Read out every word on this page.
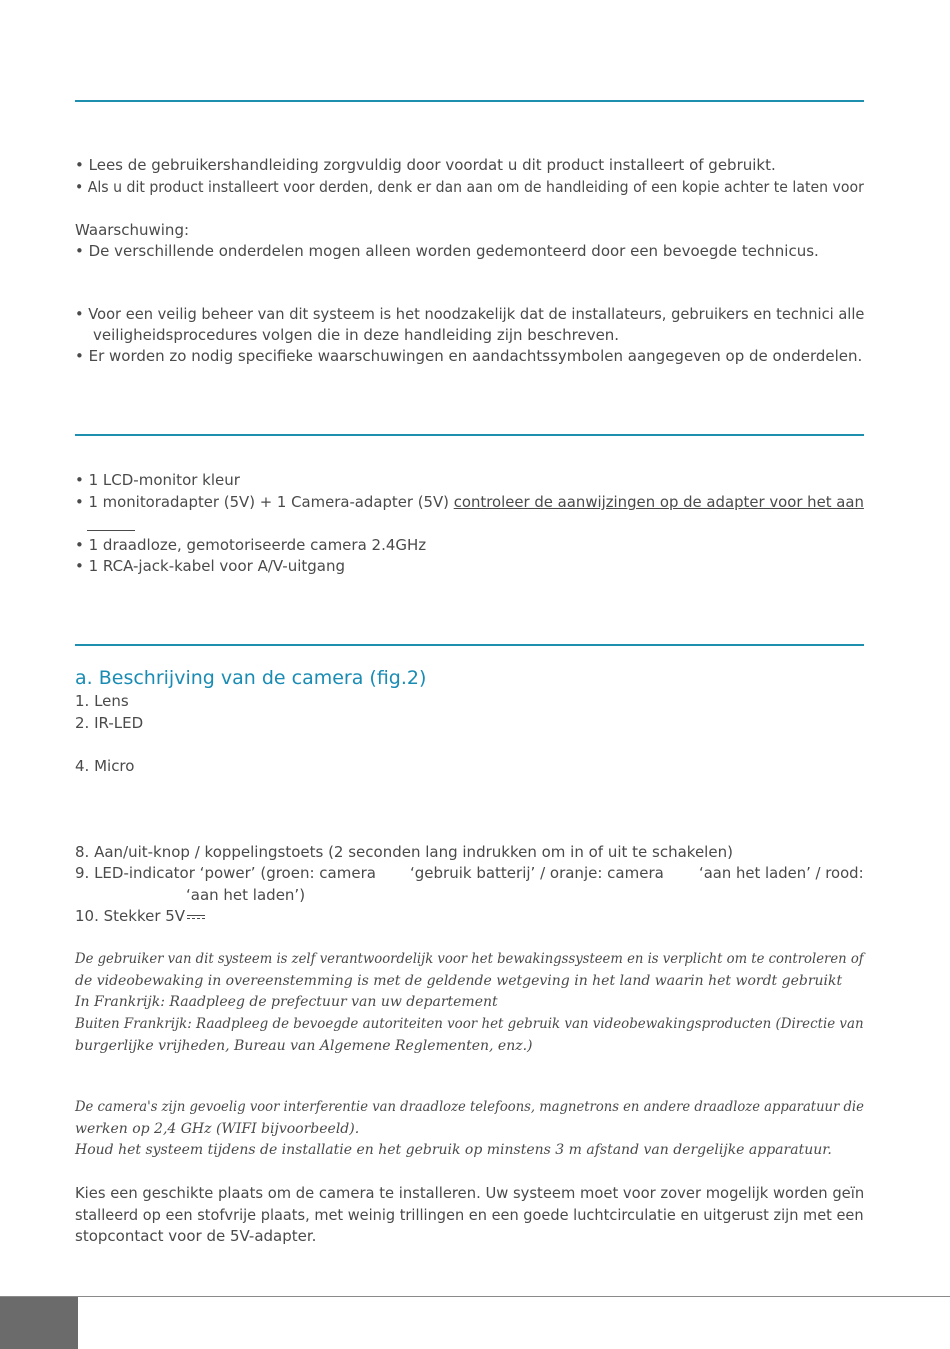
• Lees de gebruikershandleiding zorgvuldig door voordat u dit product installeert of gebruikt.
• Als u dit product installeert voor derden, denk er dan aan om de handleiding of een kopie achter te laten voor
Waarschuwing:
• De verschillende onderdelen mogen alleen worden gedemonteerd door een bevoegde technicus.
• Voor een veilig beheer van dit systeem is het noodzakelijk dat de installateurs, gebruikers en technici alle
veiligheidsprocedures volgen die in deze handleiding zijn beschreven.
• Er worden zo nodig specifieke waarschuwingen en aandachtssymbolen aangegeven op de onderdelen.
• 1 LCD-monitor kleur
• 1 monitoradapter (5V) + 1 Camera-adapter (5V) controleer de aanwijzingen op de adapter voor het aan
• 1 draadloze, gemotoriseerde camera 2.4GHz
• 1 RCA-jack-kabel voor A/V-uitgang
a. Beschrijving van de camera (fig.2)
1. Lens
2. IR-LED
4. Micro
8. Aan/uit-knop / koppelingstoets (2 seconden lang indrukken om in of uit te schakelen)
9. LED-indicator ‘power’ (groen: camera ‘gebruik batterij’ / oranje: camera ‘aan het laden’ / rood:
‘aan het laden’)
10. Stekker 5V
De gebruiker van dit systeem is zelf verantwoordelijk voor het bewakingssysteem en is verplicht om te controleren of
de videobewaking in overeenstemming is met de geldende wetgeving in het land waarin het wordt gebruikt
In Frankrijk: Raadpleeg de prefectuur van uw departement
Buiten Frankrijk: Raadpleeg de bevoegde autoriteiten voor het gebruik van videobewakingsproducten (Directie van
burgerlijke vrijheden, Bureau van Algemene Reglementen, enz.)
De camera's zijn gevoelig voor interferentie van draadloze telefoons, magnetrons en andere draadloze apparatuur die
werken op 2,4 GHz (WIFI bijvoorbeeld).
Houd het systeem tijdens de installatie en het gebruik op minstens 3 m afstand van dergelijke apparatuur.
Kies een geschikte plaats om de camera te installeren. Uw systeem moet voor zover mogelijk worden geïn
stalleerd op een stofvrije plaats, met weinig trillingen en een goede luchtcirculatie en uitgerust zijn met een
stopcontact voor de 5V-adapter.
